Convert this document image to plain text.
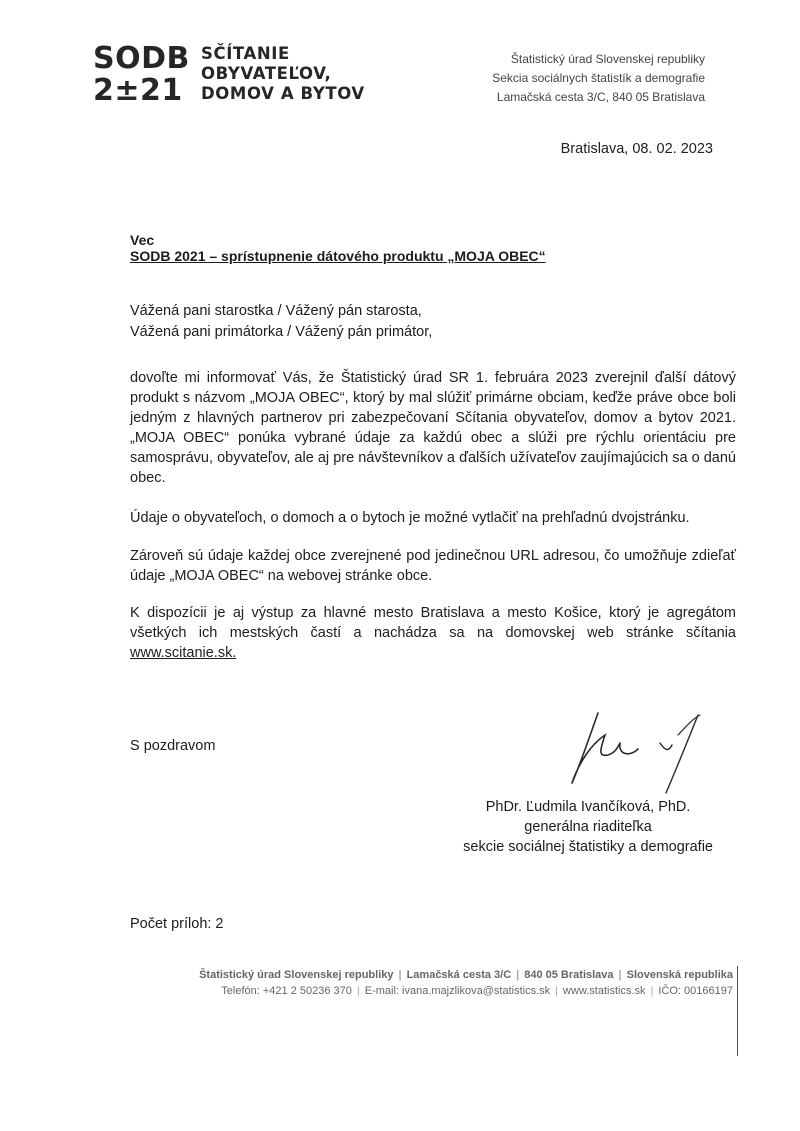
SODB
2±21
SČÍTANIE
OBYVATEĽOV,
DOMOV A BYTOV
Štatistický úrad Slovenskej republiky
Sekcia sociálnych štatistík a demografie
Lamačská cesta 3/C, 840 05 Bratislava
Bratislava, 08. 02. 2023
Vec
SODB 2021 – sprístupnenie dátového produktu „MOJA OBEC“
Vážená pani starostka / Vážený pán starosta,
Vážená pani primátorka / Vážený pán primátor,
dovoľte mi informovať Vás, že Štatistický úrad SR 1. februára 2023 zverejnil ďalší dátový produkt s názvom „MOJA OBEC“, ktorý by mal slúžiť primárne obciam, keďže práve obce boli jedným z hlavných partnerov pri zabezpečovaní Sčítania obyvateľov, domov a bytov 2021. „MOJA OBEC“ ponúka vybrané údaje za každú obec a slúži pre rýchlu orientáciu pre samosprávu, obyvateľov, ale aj pre návštevníkov a ďalších užívateľov zaujímajúcich sa o danú obec.
Údaje o obyvateľoch, o domoch a o bytoch je možné vytlačiť na prehľadnú dvojstránku.
Zároveň sú údaje každej obce zverejnené pod jedinečnou URL adresou, čo umožňuje zdieľať údaje „MOJA OBEC“ na webovej stránke obce.
K dispozícii je aj výstup za hlavné mesto Bratislava a mesto Košice, ktorý je agregátom všetkých ich mestských častí a nachádza sa na domovskej web stránke sčítania www.scitanie.sk.
S pozdravom
PhDr. Ľudmila Ivančíková, PhD.
generálna riaditeľka
sekcie sociálnej štatistiky a demografie
Počet príloh: 2
Štatistický úrad Slovenskej republiky | Lamačská cesta 3/C | 840 05 Bratislava | Slovenská republika
Telefón: +421 2 50236 370 | E-mail: ivana.majzlikova@statistics.sk | www.statistics.sk | IČO: 00166197
